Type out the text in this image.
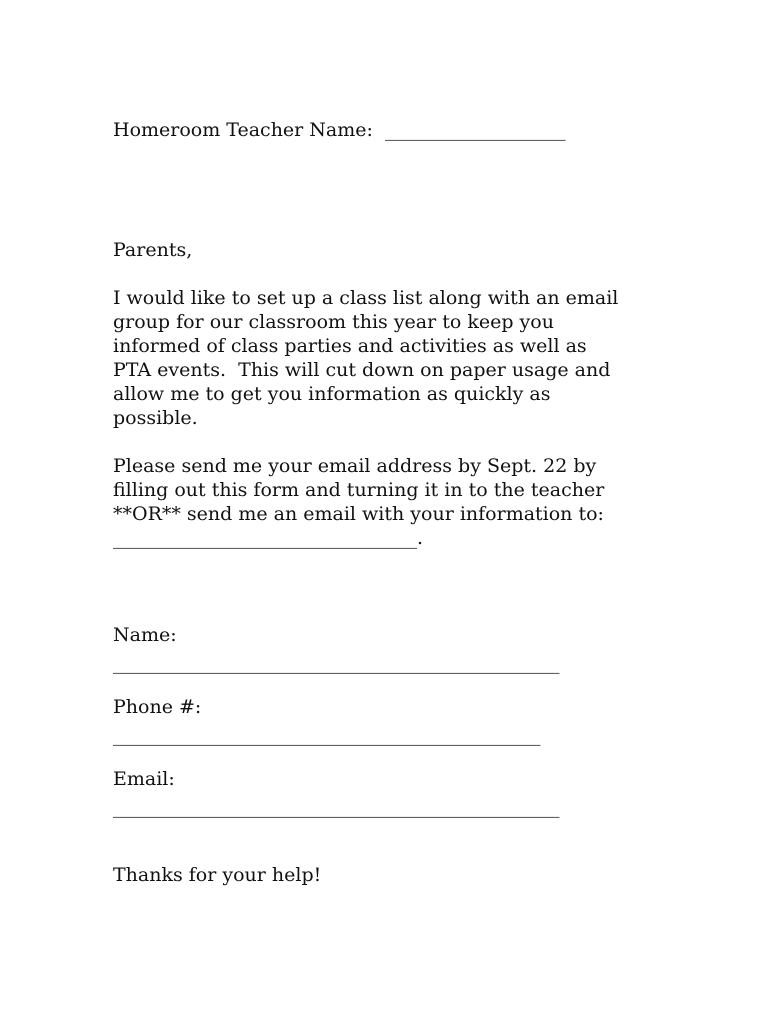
Homeroom Teacher Name:  ___________________

Parents,

I would like to set up a class list along with an email
group for our classroom this year to keep you
informed of class parties and activities as well as
PTA events.  This will cut down on paper usage and
allow me to get you information as quickly as
possible.
Please send me your email address by Sept. 22 by
filling out this form and turning it in to the teacher
**OR** send me an email with your information to:
________________________________.

Name:

_______________________________________________

Phone #:

_____________________________________________

Email:

_______________________________________________

Thanks for your help!
